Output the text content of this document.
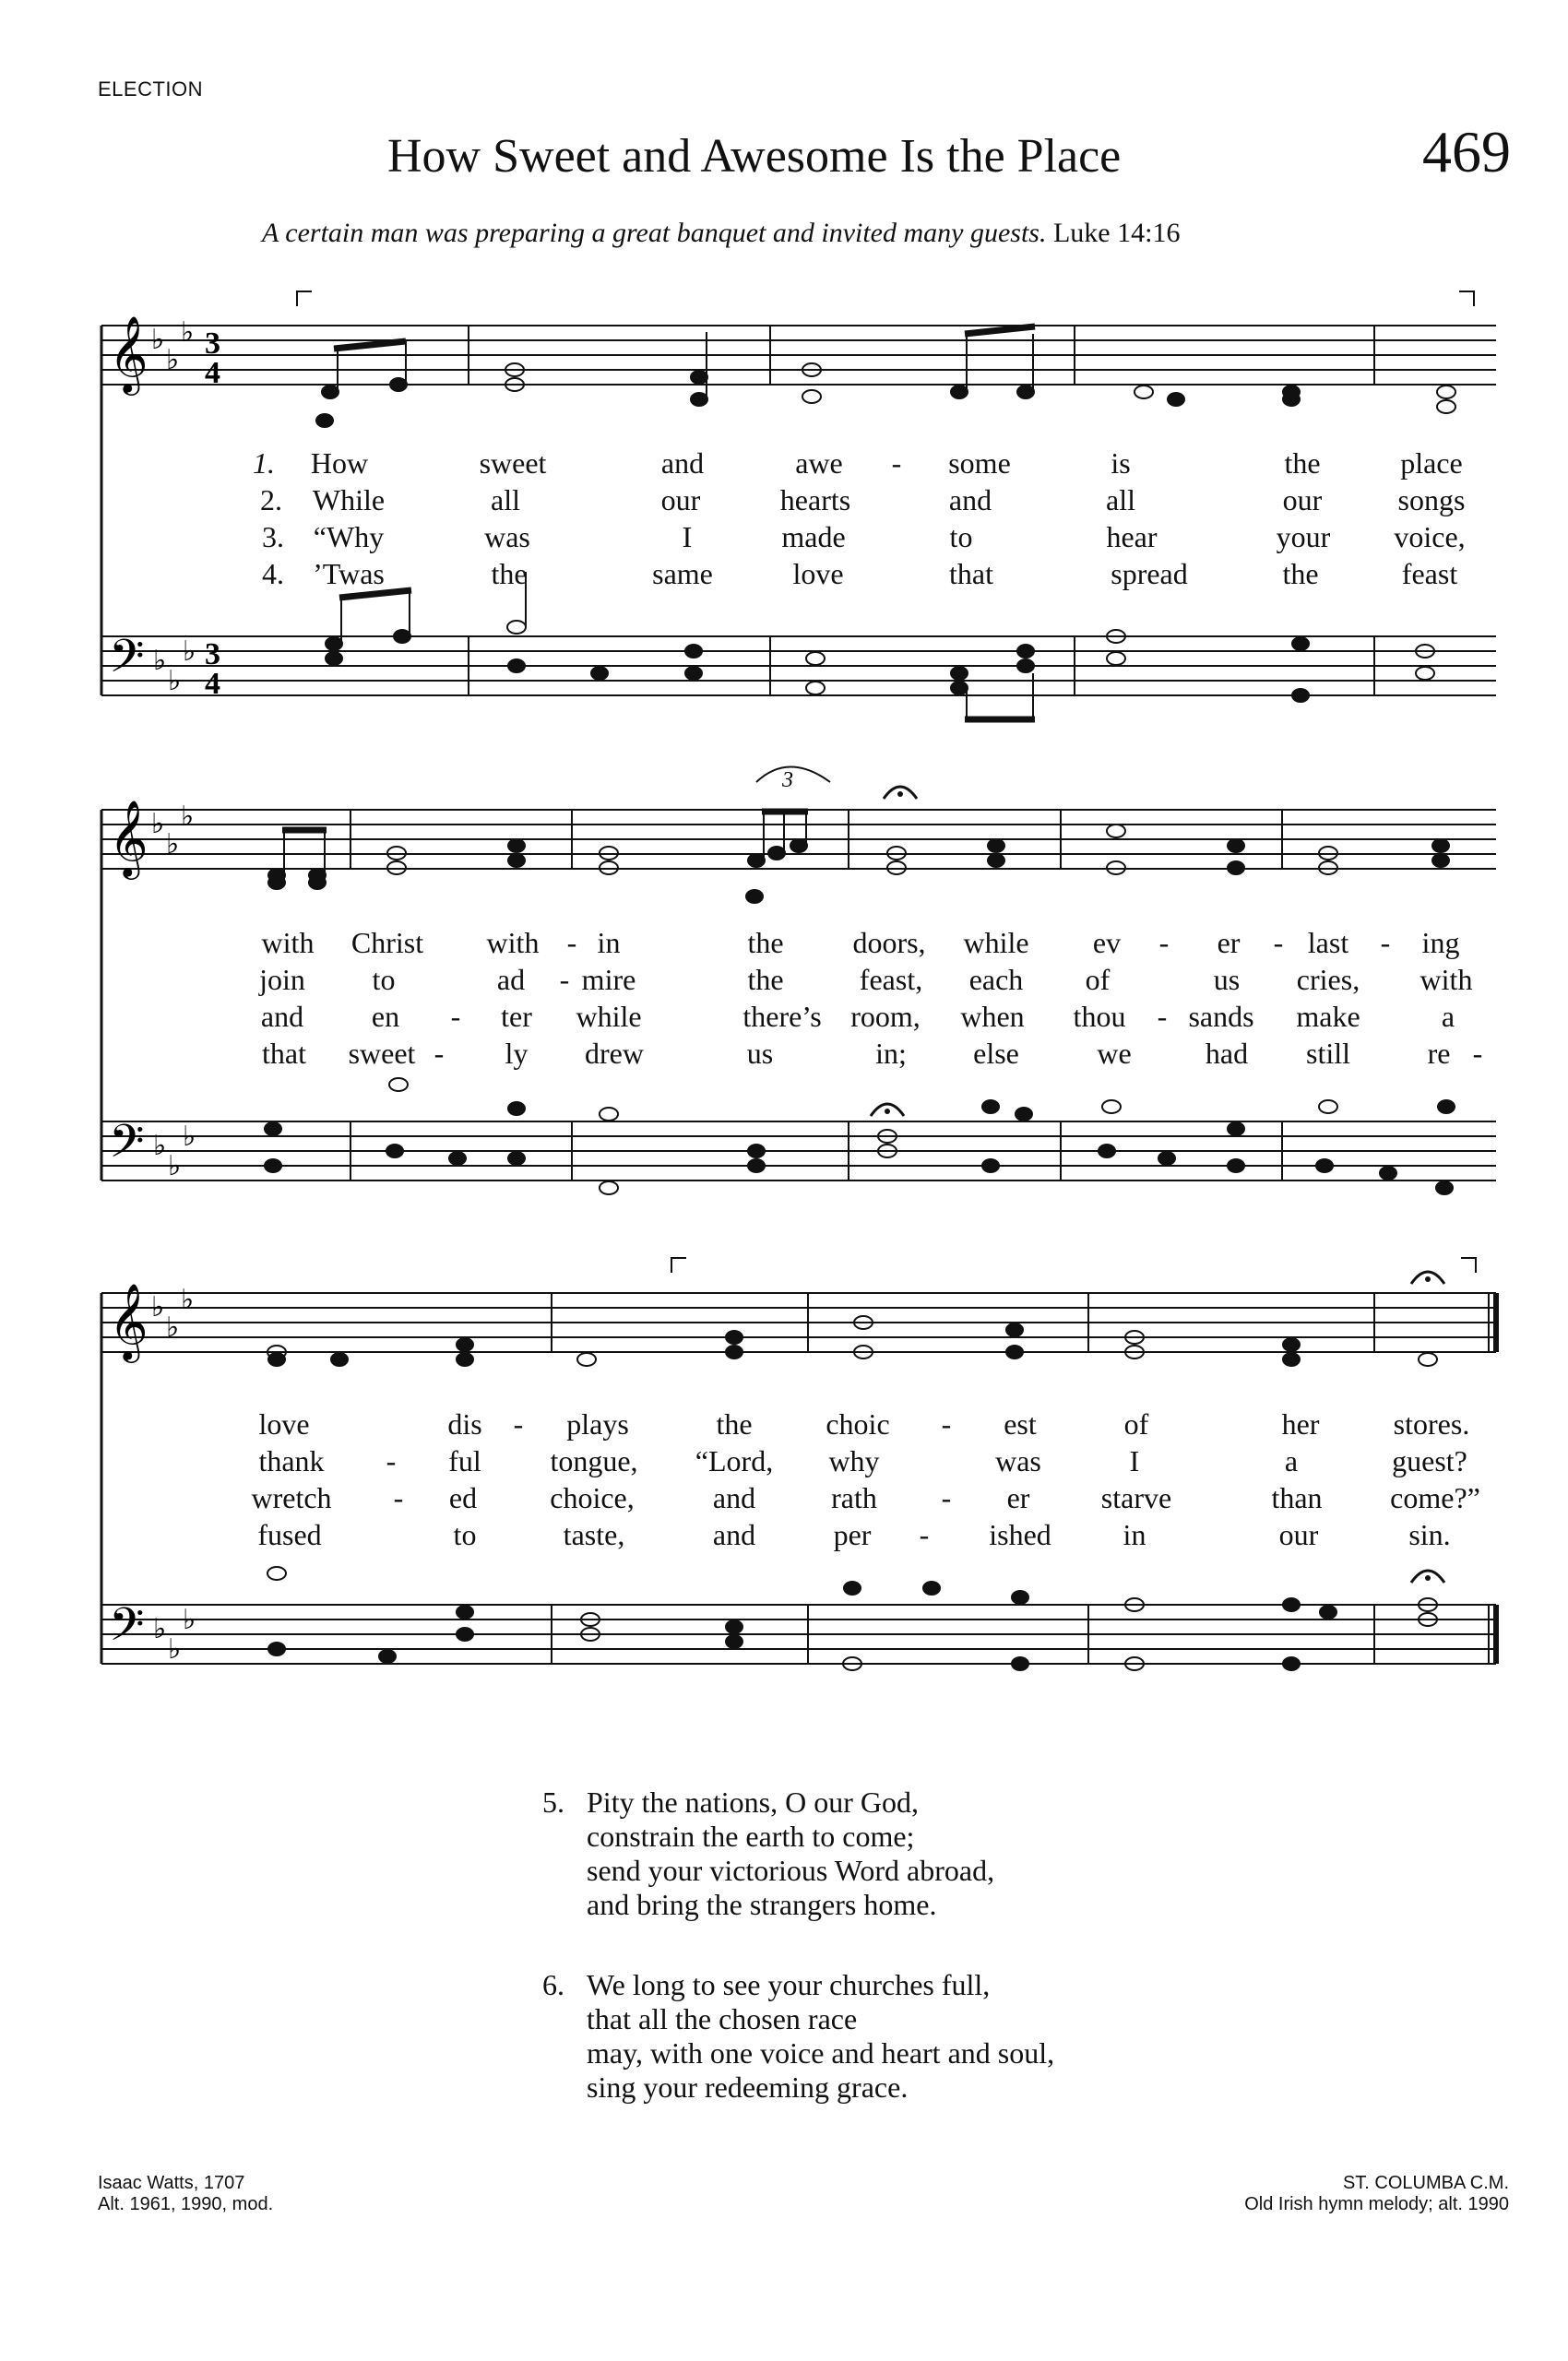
ELECTION
How Sweet and Awesome Is the Place	469
A certain man was preparing a great banquet and invited many guests. Luke 14:16
𝄞 ♭
♭
♭ 3
4
𝄢 ♭
♭
♭ 3
4
1. How	sweet	and	awe - some	is	the	place
2. While	all	our	hearts	and	all	our	songs
3. “Why	was	I	made	to	hear	your voice,
4. ’Twas	the	same	love	that	spread	the	feast
𝄞 ♭
♭
♭
3
𝄢 ♭
♭
♭
with Christ with - in	the doors, while ev - er - last - ing
join to	ad - mire	the	feast, each of	us cries, with
and en - ter while	there’s room, when thou - sands make	a
that sweet - ly drew	us	in; else	we	had still	re -
𝄞 ♭
♭
♭
𝄢 ♭
♭
♭
love	dis - plays	the choic - est	of	her	stores.
thank - ful tongue, “Lord, why	was	I	a	guest?
wretch - ed choice,	and	rath - er starve	than come?”
fused	to	taste,	and	per - ished in	our	sin.
5. Pity the nations, O our God,
constrain the earth to come;
send your victorious Word abroad,
and bring the strangers home.
6. We long to see your churches full,
that all the chosen race
may, with one voice and heart and soul,
sing your redeeming grace.
Isaac Watts, 1707
Alt. 1961, 1990, mod.
ST. COLUMBA C.M.
Old Irish hymn melody; alt. 1990
